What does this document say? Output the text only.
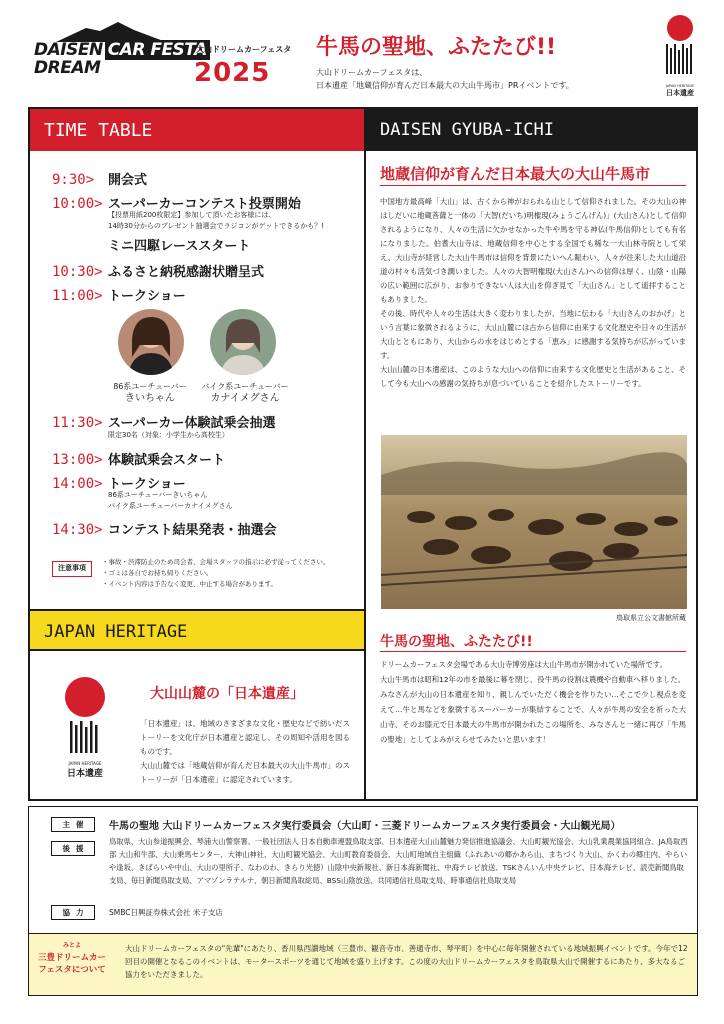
DAISEN CAR FESTA
DREAM
大山ドリームカーフェスタ
2025
牛馬の聖地、ふたたび!!
大山ドリームカーフェスタは、
日本遺産「地蔵信仰が育んだ日本最大の大山牛馬市」PRイベントです。	JAPAN HERITAGE
日本遺産
TIME TABLE	DAISEN GYUBA-ICHI
9:30> 開会式
10:00> スーパーカーコンテスト投票開始
【投票用紙200枚限定】参加して頂いたお客様には、
14時30分からのプレゼント抽選会でラジコンがゲットできるかも？!
ミニ四駆レーススタート
10:30> ふるさと納税感謝状贈呈式
11:00> トークショー
86系ユーチューバー
きいちゃん
バイク系ユーチューバー
カナイメグさん
11:30> スーパーカー体験試乗会抽選
限定30名（対象：小学生から高校生）
13:00> 体験試乗会スタート
14:00> トークショー
86系ユーチューバーきいちゃん
バイク系ユーチューバーカナイメグさん
14:30> コンテスト結果発表・抽選会
注意事項
・事故・渋滞防止のため司会者、会場スタッフの指示に必ず従ってください。
・ゴミは各自でお持ち帰りください。
・イベント内容は予告なく変更、中止する場合があります。
JAPAN HERITAGE
JAPAN HERITAGE
日本遺産
大山山麓の「日本遺産」
「日本遺産」は、地域のさまざまな文化・歴史などで紡いだストーリーを文化庁が日本遺産と認定し、その周知や活用を図るものです。
大山山麓では「地蔵信仰が育んだ日本最大の大山牛馬市」のストーリーが「日本遺産」に認定されています。
地蔵信仰が育んだ日本最大の大山牛馬市

中国地方最高峰「大山」は、古くから神がおられる山として信仰されました。その大山の神はしだいに地蔵菩薩と一体の「大智(だいち)明権現(みょうごんげん)」(大山さん)として信仰されるようになり、人々の生活に欠かせなかった牛や馬を守る神仏(牛馬信仰)としても有名になりました。伯耆大山寺は、地蔵信仰を中心とする全国でも稀な一大山林寺院として栄え、大山寺が経営した大山牛馬市は信仰を背景にたいへん賑わい、人々が往来した大山道沿道の村々も活気づき潤いました。人々の大智明権現(大山さん)への信仰は厚く、山陰・山陽の広い範囲に広がり、お参りできない人は大山を仰ぎ見て「大山さん」として遥拝することもありました。

その後、時代や人々の生活は大きく変わりましたが、当地に伝わる「大山さんのおかげ」という言葉に象徴されるように、大山山麓には古から信仰に由来する文化歴史や日々の生活が大山とともにあり、大山からの水をはじめとする「恵み」に感謝する気持ちが広がっています。

大山山麓の日本遺産は、このような大山への信仰に由来する文化歴史と生活があること、そして今も大山への感謝の気持ちが息づいていることを紹介したストーリーです。

鳥取県立公文書館所蔵
牛馬の聖地、ふたたび!!

ドリームカーフェスタ会場である大山寺博労座は大山牛馬市が開かれていた場所です。

大山牛馬市は昭和12年の市を最後に幕を閉じ、役牛馬の役割は農機や自動車へ移りました。

みなさんが大山の日本遺産を知り、親しんでいただく機会を作りたい…そこで少し視点を変えて…牛と馬などを象徴するスーパーカーが集結することで、人々が牛馬の安全を祈った大山寺、そのお膝元で日本最大の牛馬市が開かれたこの場所を、みなさんと一緒に再び「牛馬の聖地」としてよみがえらせてみたいと思います！

主催	牛馬の聖地 大山ドリームカーフェスタ実行委員会（大山町・三菱ドリームカーフェスタ実行委員会・大山観光局）
後援
鳥取県、大山参道振興会、琴浦大山警察署、一般社団法人 日本自動車連盟鳥取支部、日本遺産大山山麓魅力発信推進協議会、大山町観光協会、大山乳業農業協同組合、JA鳥取西部 大山和牛部、大山乗馬センター、大神山神社、大山町観光協会、大山町教育委員会、大山町地域自主組織（ふれあいの郷かあら山、まちづくり大山、かくわの郷庄内、やらいや逢坂、きばらいや中山、大山の里所子、なわのわ、きらり光徳）山陰中央新報社、新日本海新聞社、中海テレビ放送、TSKさんいん中央テレビ、日本海テレビ、読売新聞鳥取支局、毎日新聞鳥取支局、アマゾンラテルナ、朝日新聞鳥取総局、BSS山陰放送、共同通信社鳥取支局、時事通信社鳥取支局
協力	SMBC日興証券株式会社 米子支店
みとよ
三豊ドリームカー
フェスタについて
大山ドリームカーフェスタの"先輩"にあたり、香川県西讃地域（三豊市、観音寺市、善通寺市、琴平町）を中心に毎年開催されている地域振興イベントです。今年で12回目の開催となるこのイベントは、モータースポーツを通じて地域を盛り上げます。この度の大山ドリームカーフェスタを鳥取県大山で開催するにあたり、多大なるご協力をいただきました。
